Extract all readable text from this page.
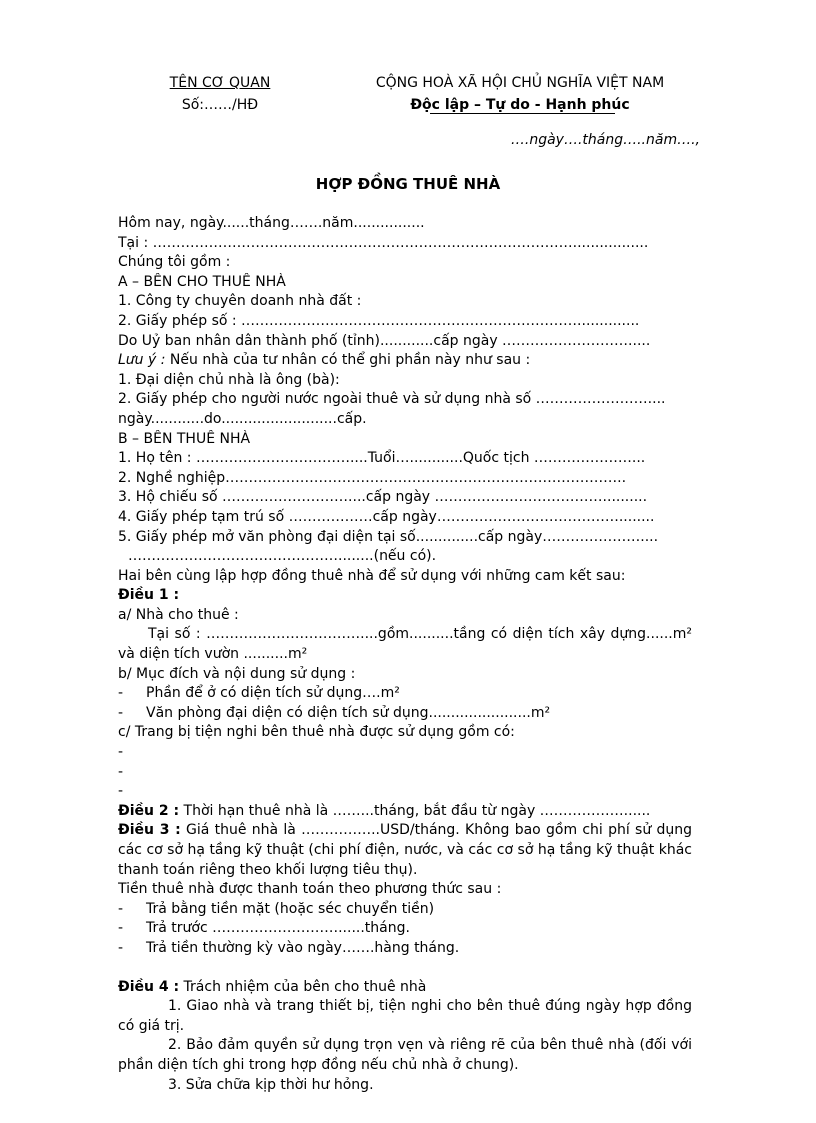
TÊN CƠ QUAN
Số:……/HĐ
CỘNG HOÀ XÃ HỘI CHỦ NGHĨA VIỆT NAM
Độc lập – Tự do - Hạnh phúc
….ngày….tháng…..năm….,
HỢP ĐỒNG THUÊ NHÀ
Hôm nay, ngày......tháng…….năm................
Tại : ……………………………………………………………………………….................
Chúng tôi gồm :
A – BÊN CHO THUÊ NHÀ
1. Công ty chuyên doanh nhà đất :
2. Giấy phép số : ………………………………………………………………..............
Do Uỷ ban nhân dân thành phố (tỉnh)............cấp ngày ……………………….....
Lưu ý : Nếu nhà của tư nhân có thể ghi phần này như sau :
1. Đại diện chủ nhà là ông (bà):
2. Giấy phép cho người nước ngoài thuê và sử dụng nhà số ……………………....
ngày............do..........................cấp.
B – BÊN THUÊ NHÀ
1. Họ tên : ……………………………....Tuổi…............Quốc tịch …………………...
2. Nghề nghiệp…………………………………………………………………………..
3. Hộ chiếu số ………………………....cấp ngày ………………………………..........
4. Giấy phép tạm trú số ………………cấp ngày…………………………………........
5. Giấy phép mở văn phòng đại diện tại số..............cấp ngày…………………....
………………………………………........(nếu có).
Hai bên cùng lập hợp đồng thuê nhà để sử dụng với những cam kết sau:
Điều 1 :
a/ Nhà cho thuê :
Tại số : ……………………………....gồm..........tầng có diện tích xây dựng......m² và diện tích vườn ..........m²
b/ Mục đích và nội dung sử dụng :
-	Phần để ở có diện tích sử dụng….m²
-	Văn phòng đại diện có diện tích sử dụng.......................m²
c/ Trang bị tiện nghi bên thuê nhà được sử dụng gồm có:
-
-
-
Điều 2 : Thời hạn thuê nhà là ……...tháng, bắt đầu từ ngày ………………......
Điều 3 : Giá thuê nhà là ……………..USD/tháng. Không bao gồm chi phí sử dụng các cơ sở hạ tầng kỹ thuật (chi phí điện, nước, và các cơ sở hạ tầng kỹ thuật khác thanh toán riêng theo khối lượng tiêu thụ).
Tiền thuê nhà được thanh toán theo phương thức sau :
-	Trả bằng tiền mặt (hoặc séc chuyển tiền)
-	Trả trước ………………………......tháng.
-	Trả tiền thường kỳ vào ngày…….hàng tháng.
Điều 4 : Trách nhiệm của bên cho thuê nhà
1. Giao nhà và trang thiết bị, tiện nghi cho bên thuê đúng ngày hợp đồng có giá trị.
2. Bảo đảm quyền sử dụng trọn vẹn và riêng rẽ của bên thuê nhà (đối với phần diện tích ghi trong hợp đồng nếu chủ nhà ở chung).
3. Sửa chữa kịp thời hư hỏng.
